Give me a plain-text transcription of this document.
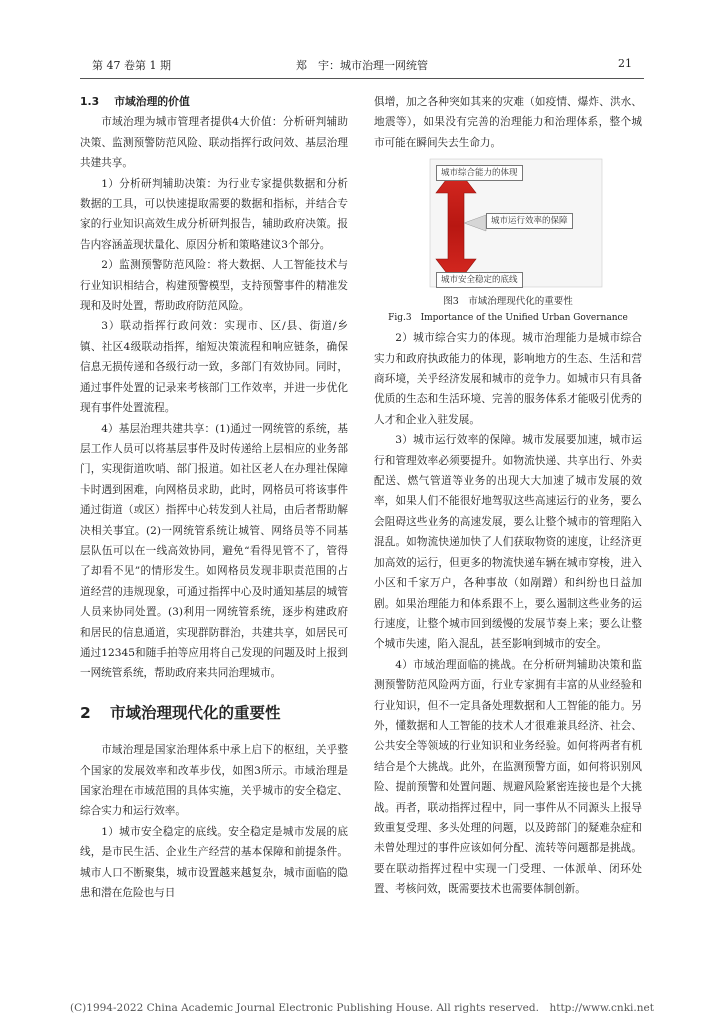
第 47 卷第 1 期	郑　宇：城市治理一网统管	21
1.3 市域治理的价值

市域治理为城市管理者提供4大价值：分析研判辅助决策、监测预警防范风险、联动指挥行政问效、基层治理共建共享。

1）分析研判辅助决策：为行业专家提供数据和分析数据的工具，可以快速提取需要的数据和指标，并结合专家的行业知识高效生成分析研判报告，辅助政府决策。报告内容涵盖现状量化、原因分析和策略建议3个部分。

2）监测预警防范风险：将大数据、人工智能技术与行业知识相结合，构建预警模型，支持预警事件的精准发现和及时处置，帮助政府防范风险。

3）联动指挥行政问效：实现市、区/县、街道/乡镇、社区4级联动指挥，缩短决策流程和响应链条，确保信息无损传递和各级行动一致，多部门有效协同。同时，通过事件处置的记录来考核部门工作效率，并进一步优化现有事件处置流程。

4）基层治理共建共享：(1)通过一网统管的系统，基层工作人员可以将基层事件及时传递给上层相应的业务部门，实现街道吹哨、部门报道。如社区老人在办理社保障卡时遇到困难，向网格员求助，此时，网格员可将该事件通过街道（或区）指挥中心转发到人社局，由后者帮助解决相关事宜。(2)一网统管系统让城管、网络员等不同基层队伍可以在一线高效协同，避免“看得见管不了，管得了却看不见”的情形发生。如网格员发现非职责范围的占道经营的违规现象，可通过指挥中心及时通知基层的城管人员来协同处置。(3)利用一网统管系统，逐步构建政府和居民的信息通道，实现群防群治，共建共享，如居民可通过12345和随手拍等应用将自己发现的问题及时上报到一网统管系统，帮助政府来共同治理城市。

2 市域治理现代化的重要性

市域治理是国家治理体系中承上启下的枢纽，关乎整个国家的发展效率和改革步伐，如图3所示。市域治理是国家治理在市域范围的具体实施，关乎城市的安全稳定、综合实力和运行效率。

1）城市安全稳定的底线。安全稳定是城市发展的底线，是市民生活、企业生产经营的基本保障和前提条件。城市人口不断聚集，城市设置越来越复杂，城市面临的隐患和潜在危险也与日

俱增，加之各种突如其来的灾难（如疫情、爆炸、洪水、地震等），如果没有完善的治理能力和治理体系，整个城市可能在瞬间失去生命力。

城市综合能力的体现
城市运行效率的保障
城市安全稳定的底线
图3　市域治理现代化的重要性
Fig.3　Importance of the Unified Urban Governance

2）城市综合实力的体现。城市治理能力是城市综合实力和政府执政能力的体现，影响地方的生态、生活和营商环境，关乎经济发展和城市的竞争力。如城市只有具备优质的生态和生活环境、完善的服务体系才能吸引优秀的人才和企业入驻发展。

3）城市运行效率的保障。城市发展要加速，城市运行和管理效率必须要提升。如物流快递、共享出行、外卖配送、燃气管道等业务的出现大大加速了城市发展的效率，如果人们不能很好地驾驭这些高速运行的业务，要么会阻碍这些业务的高速发展，要么让整个城市的管理陷入混乱。如物流快递加快了人们获取物资的速度，让经济更加高效的运行，但更多的物流快递车辆在城市穿梭，进入小区和千家万户，各种事故（如剐蹭）和纠纷也日益加剧。如果治理能力和体系跟不上，要么遏制这些业务的运行速度，让整个城市回到缓慢的发展节奏上来；要么让整个城市失速，陷入混乱，甚至影响到城市的安全。

4）市域治理面临的挑战。在分析研判辅助决策和监测预警防范风险两方面，行业专家拥有丰富的从业经验和行业知识，但不一定具备处理数据和人工智能的能力。另外，懂数据和人工智能的技术人才很难兼具经济、社会、公共安全等领域的行业知识和业务经验。如何将两者有机结合是个大挑战。此外，在监测预警方面，如何将识别风险、提前预警和处置问题、规避风险紧密连接也是个大挑战。再者，联动指挥过程中，同一事件从不同源头上报导致重复受理、多头处理的问题，以及跨部门的疑难杂症和未曾处理过的事件应该如何分配、流转等问题都是挑战。要在联动指挥过程中实现一门受理、一体派单、闭环处置、考核问效，既需要技术也需要体制创新。

(C)1994-2022 China Academic Journal Electronic Publishing House. All rights reserved.　http://www.cnki.net
